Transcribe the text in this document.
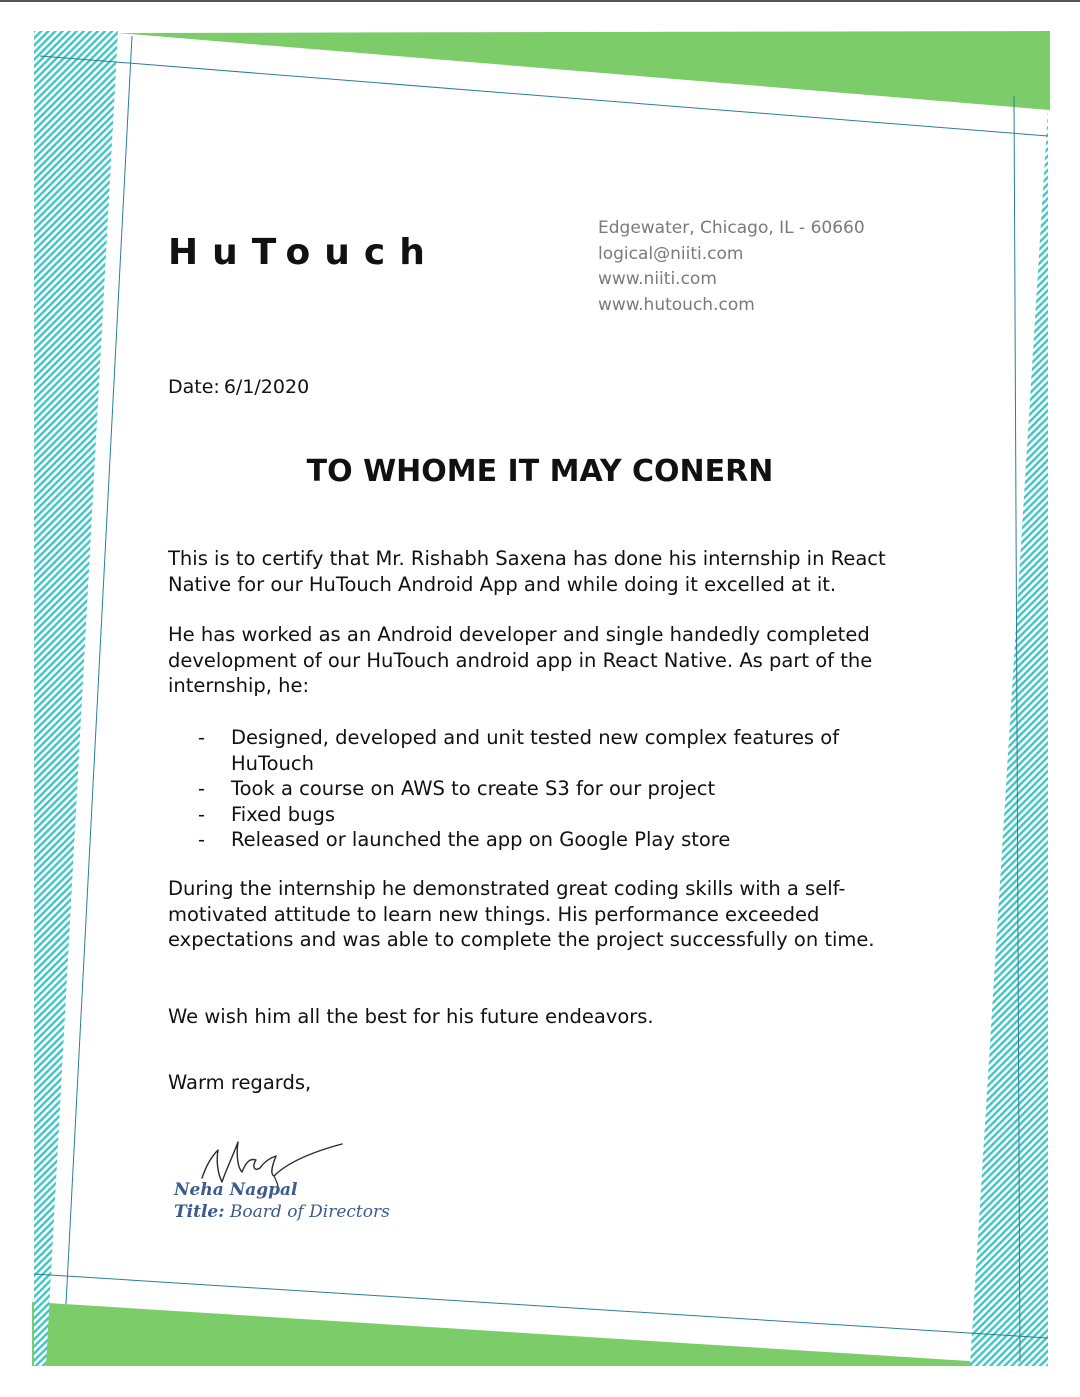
HuTouch
Edgewater, Chicago, IL - 60660
logical@niiti.com
www.niiti.com
www.hutouch.com
Date: 6/1/2020
TO WHOME IT MAY CONERN

This is to certify that Mr. Rishabh Saxena has done his internship in React Native for our HuTouch Android App and while doing it excelled at it.

He has worked as an Android developer and single handedly completed development of our HuTouch android app in React Native. As part of the internship, he:

- Designed, developed and unit tested new complex features of HuTouch
- Took a course on AWS to create S3 for our project
- Fixed bugs
- Released or launched the app on Google Play store

During the internship he demonstrated great coding skills with a self-motivated attitude to learn new things. His performance exceeded expectations and was able to complete the project successfully on time.

We wish him all the best for his future endeavors.

Warm regards,

Neha Nagpal
Title: Board of Directors
